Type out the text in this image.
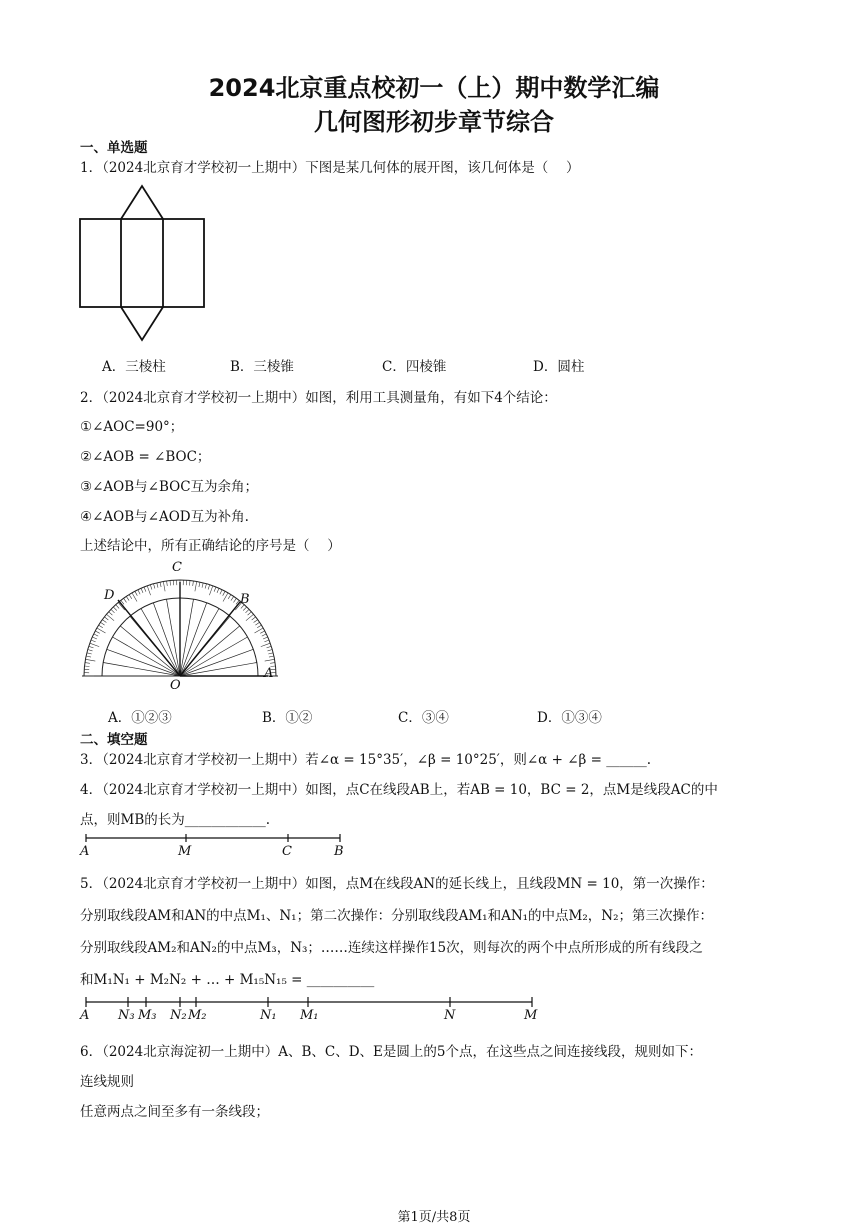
2024北京重点校初一（上）期中数学汇编
几何图形初步章节综合
一、单选题
1．（2024北京育才学校初一上期中）下图是某几何体的展开图，该几何体是（　 ）
A．三棱柱	B．三棱锥	C．四棱锥	D．圆柱
2．（2024北京育才学校初一上期中）如图，利用工具测量角，有如下4个结论：
①∠AOC=90°；
②∠AOB = ∠BOC；
③∠AOB与∠BOC互为余角；
④∠AOB与∠AOD互为补角.
上述结论中，所有正确结论的序号是（　 ）
C
D	B
O
A
A．①②③	B．①②	C．③④	D．①③④
二、填空题
3．（2024北京育才学校初一上期中）若∠α = 15°35′，∠β = 10°25′，则∠α + ∠β = ______.
4．（2024北京育才学校初一上期中）如图，点C在线段AB上，若AB = 10，BC = 2，点M是线段AC的中
点，则MB的长为____________.
A	M	C	B
5．（2024北京育才学校初一上期中）如图，点M在线段AN的延长线上，且线段MN = 10，第一次操作：
分别取线段AM和AN的中点M₁、N₁；第二次操作：分别取线段AM₁和AN₁的中点M₂，N₂；第三次操作：
分别取线段AM₂和AN₂的中点M₃，N₃；……连续这样操作15次，则每次的两个中点所形成的所有线段之
和M₁N₁ + M₂N₂ + … + M₁₅N₁₅ = __________
A N₃ M₃ N₂ M₂	N₁ M₁	N	M
6．（2024北京海淀初一上期中）A、B、C、D、E是圆上的5个点，在这些点之间连接线段，规则如下：
连线规则
任意两点之间至多有一条线段；
第1页/共8页
